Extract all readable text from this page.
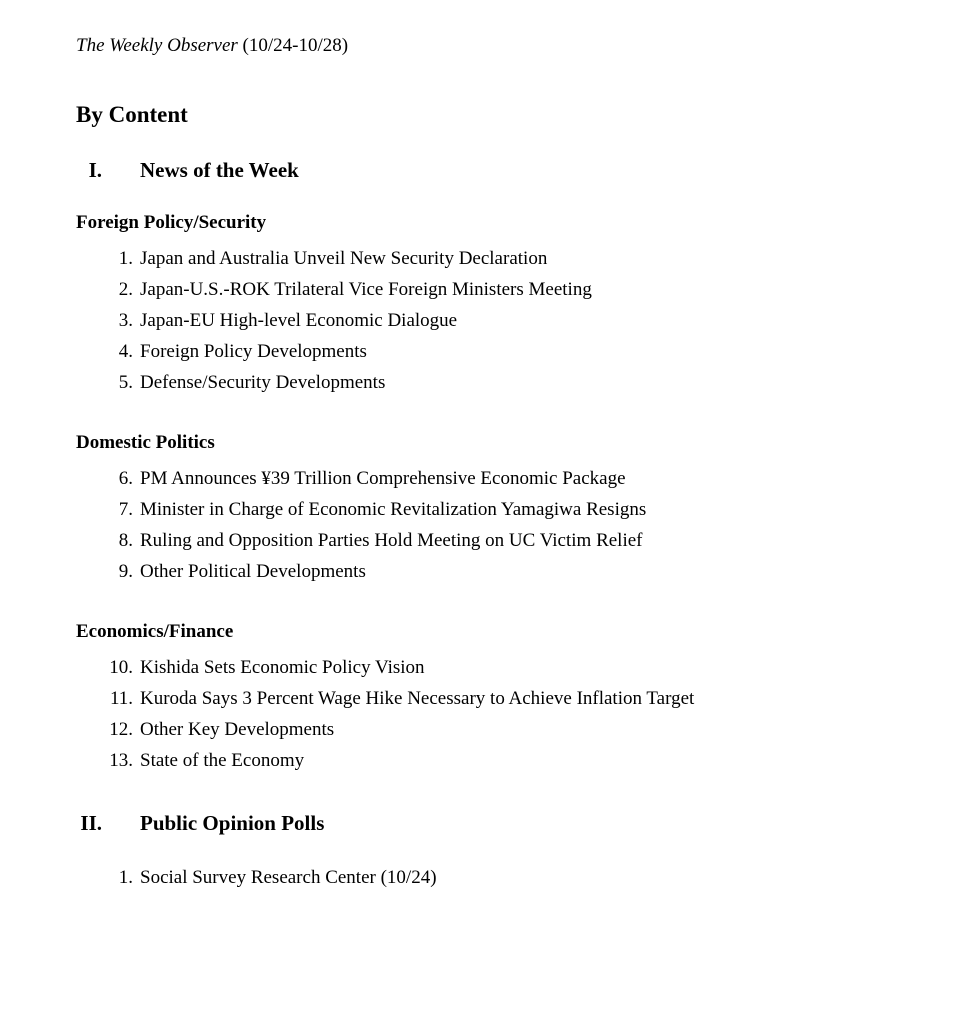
The Weekly Observer (10/24-10/28)

By Content
I. News of the Week
Foreign Policy/Security
1. Japan and Australia Unveil New Security Declaration
2. Japan-U.S.-ROK Trilateral Vice Foreign Ministers Meeting
3. Japan-EU High-level Economic Dialogue
4. Foreign Policy Developments
5. Defense/Security Developments
Domestic Politics
6. PM Announces ¥39 Trillion Comprehensive Economic Package
7. Minister in Charge of Economic Revitalization Yamagiwa Resigns
8. Ruling and Opposition Parties Hold Meeting on UC Victim Relief
9. Other Political Developments
Economics/Finance
10. Kishida Sets Economic Policy Vision
11. Kuroda Says 3 Percent Wage Hike Necessary to Achieve Inflation Target
12. Other Key Developments
13. State of the Economy
II. Public Opinion Polls
1. Social Survey Research Center (10/24)
